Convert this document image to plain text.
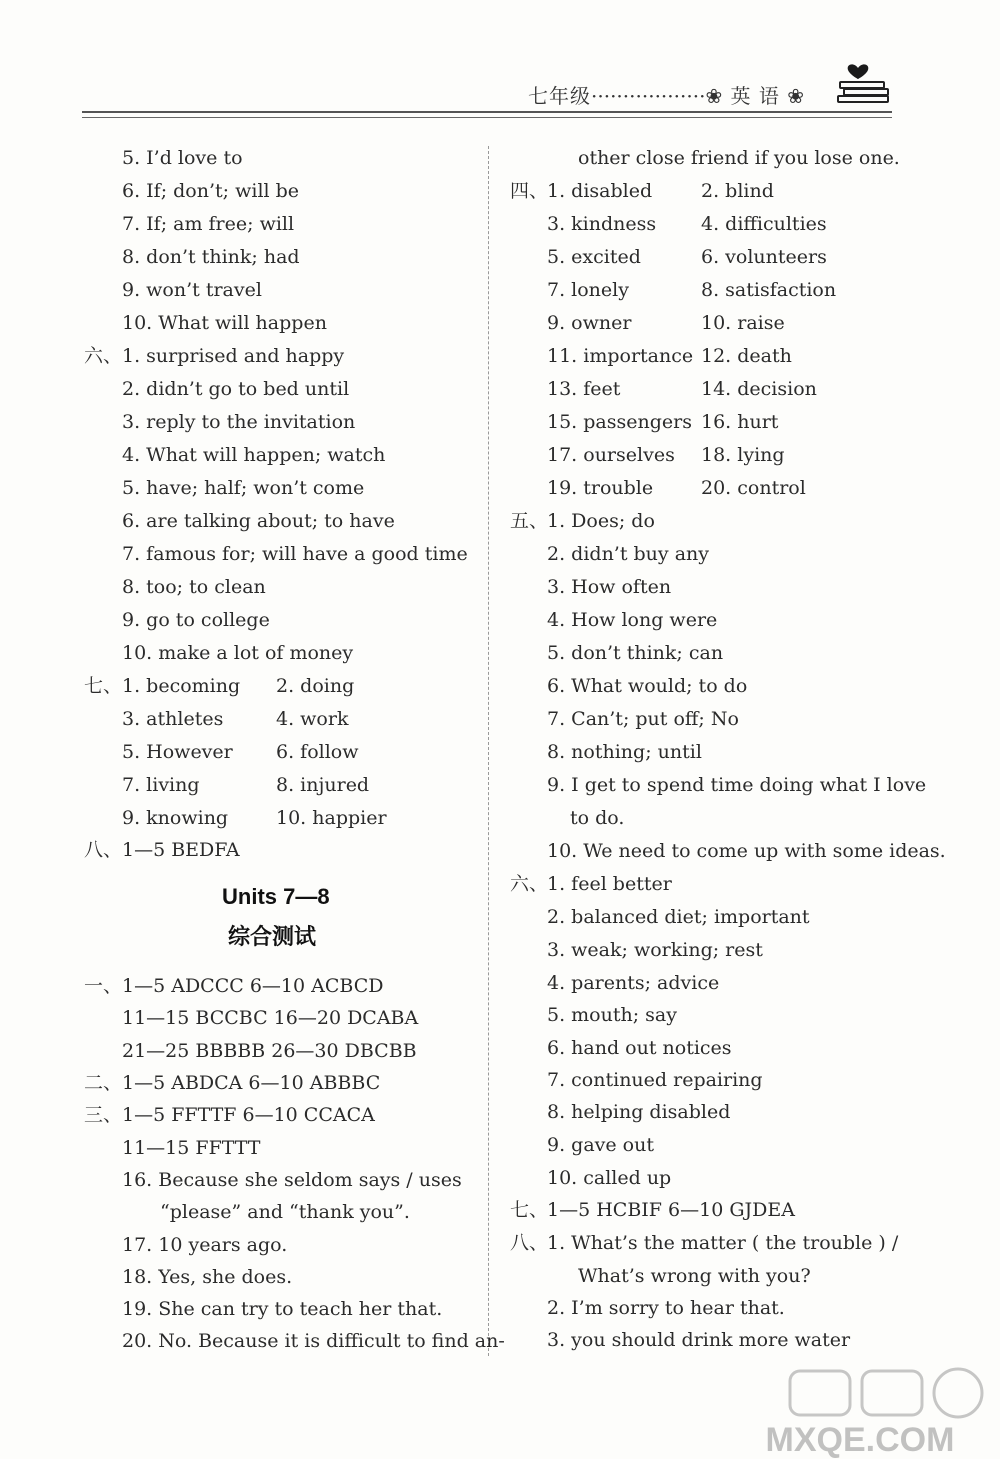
七年级··················❀ 英 语 ❀
5. I’d love to
6. If; don’t; will be
7. If; am free; will
8. don’t think; had
9. won’t travel
10. What will happen
六、 1. surprised and happy
2. didn’t go to bed until
3. reply to the invitation
4. What will happen; watch
5. have; half; won’t come
6. are talking about; to have
7. famous for; will have a good time
8. too; to clean
9. go to college
10. make a lot of money
七、 1. becoming 2. doing
3. athletes	4. work
5. However 6. follow
7. living	8. injured
9. knowing	10. happier
八、 1—5 BEDFA
Units 7—8
综合测试
一、 1—5 ADCCC 6—10 ACBCD
11—15 BCCBC 16—20 DCABA
21—25 BBBBB 26—30 DBCBB
二、 1—5 ABDCA 6—10 ABBBC
三、 1—5 FFTTF 6—10 CCACA
11—15 FFTTT
16. Because she seldom says / uses
“please” and “thank you”.
17. 10 years ago.
18. Yes, she does.
19. She can try to teach her that.
20. No. Because it is difficult to find an-
other close friend if you lose one.
四、
1. disabled	2. blind
3. kindness 4. difficulties
5. excited	6. volunteers
7. lonely	8. satisfaction
9. owner	10. raise
11. importance 12. death
13. feet	14. decision
15. passengers 16. hurt
17. ourselves 18. lying
19. trouble	20. control
五、
1. Does; do
2. didn’t buy any
3. How often
4. How long were
5. don’t think; can
6. What would; to do
7. Can’t; put off; No
8. nothing; until
9. I get to spend time doing what I love
to do.
10. We need to come up with some ideas.
六、
1. feel better
2. balanced diet; important
3. weak; working; rest
4. parents; advice
5. mouth; say
6. hand out notices
7. continued repairing
8. helping disabled
9. gave out
10. called up
七、
1—5 HCBIF 6—10 GJDEA
八、
1. What’s the matter ( the trouble ) /
What’s wrong with you?
2. I’m sorry to hear that.
3. you should drink more water
MXQE.COM
